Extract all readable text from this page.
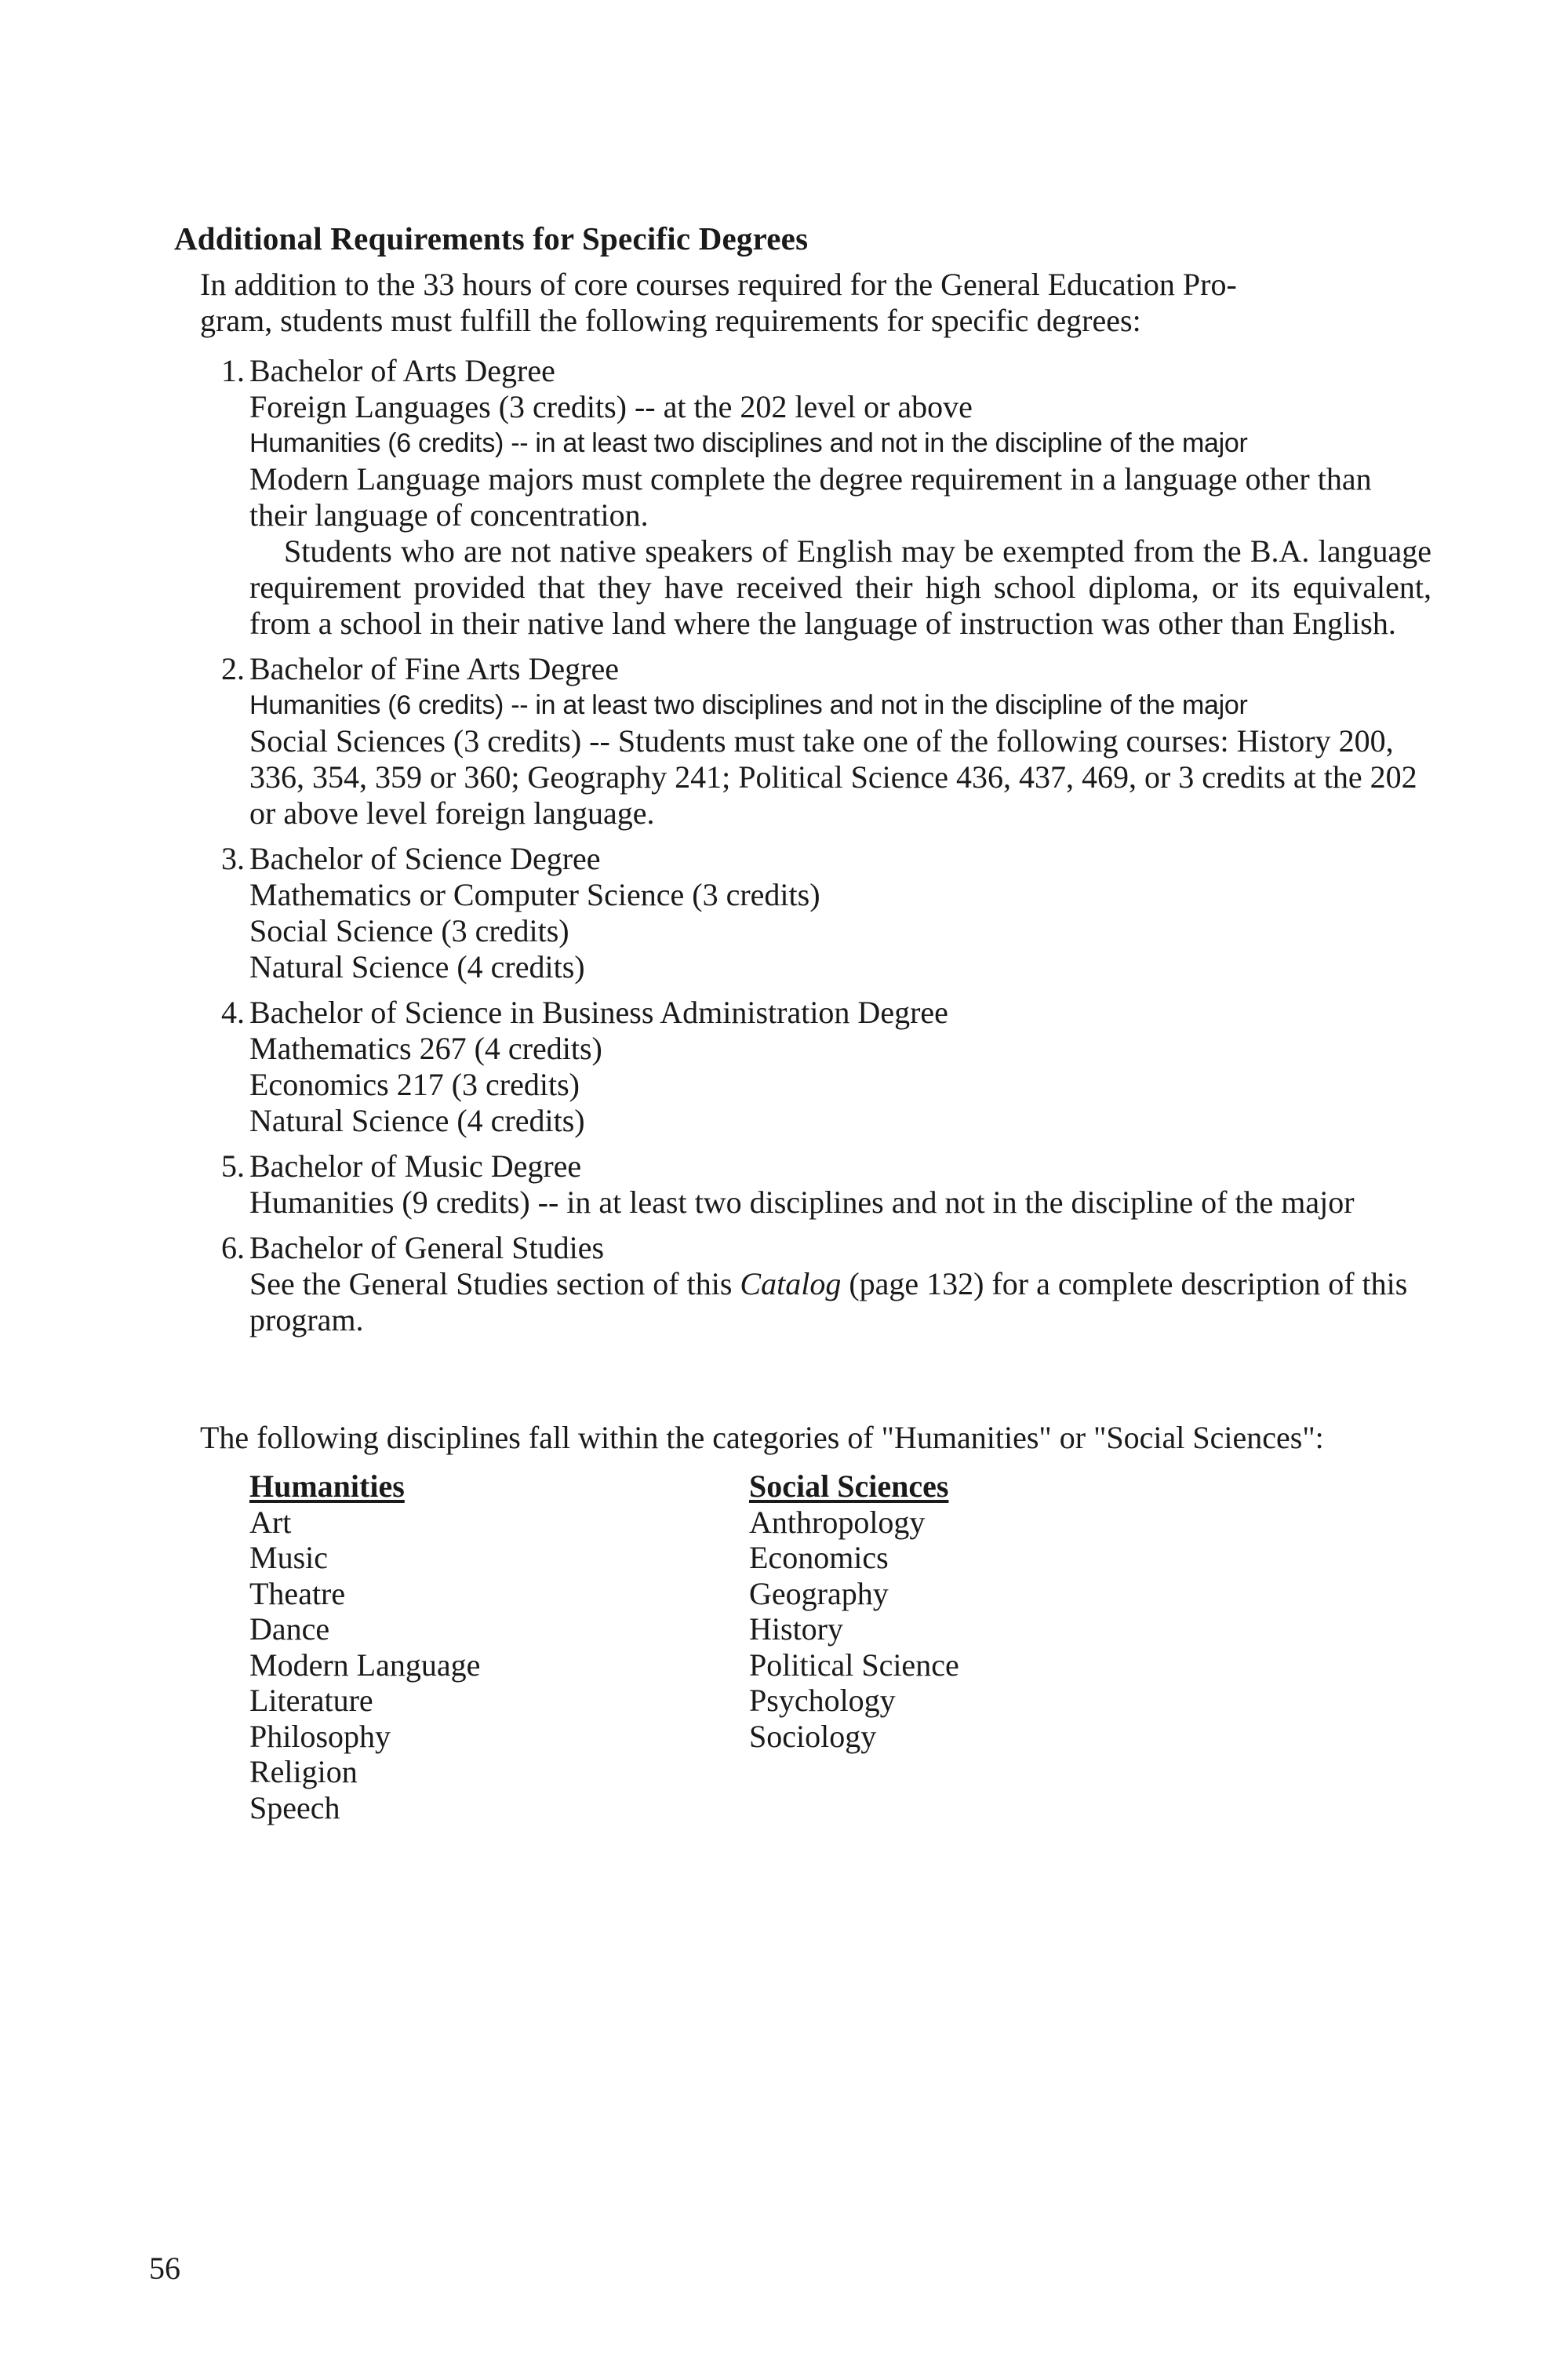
Additional Requirements for Specific Degrees

In addition to the 33 hours of core courses required for the General Education Pro-
gram, students must fulfill the following requirements for specific degrees:

1. Bachelor of Arts Degree
Foreign Languages (3 credits) -- at the 202 level or above
Humanities (6 credits) -- in at least two disciplines and not in the discipline of the major
Modern Language majors must complete the degree requirement in a language other than their language of concentration.
Students who are not native speakers of English may be exempted from the B.A. language requirement provided that they have received their high school diploma, or its equivalent, from a school in their native land where the language of instruction was other than English.
2. Bachelor of Fine Arts Degree
Humanities (6 credits) -- in at least two disciplines and not in the discipline of the major
Social Sciences (3 credits) -- Students must take one of the following courses: History 200, 336, 354, 359 or 360; Geography 241; Political Science 436, 437, 469, or 3 credits at the 202 or above level foreign language.
3. Bachelor of Science Degree
Mathematics or Computer Science (3 credits)
Social Science (3 credits)
Natural Science (4 credits)
4. Bachelor of Science in Business Administration Degree
Mathematics 267 (4 credits)
Economics 217 (3 credits)
Natural Science (4 credits)
5. Bachelor of Music Degree
Humanities (9 credits) -- in at least two disciplines and not in the discipline of the major
6. Bachelor of General Studies
See the General Studies section of this Catalog (page 132) for a complete description of this program.

The following disciplines fall within the categories of "Humanities" or "Social Sciences":

Humanities
Art
Music
Theatre
Dance
Modern Language
Literature
Philosophy
Religion
Speech
Social Sciences
Anthropology
Economics
Geography
History
Political Science
Psychology
Sociology

56
